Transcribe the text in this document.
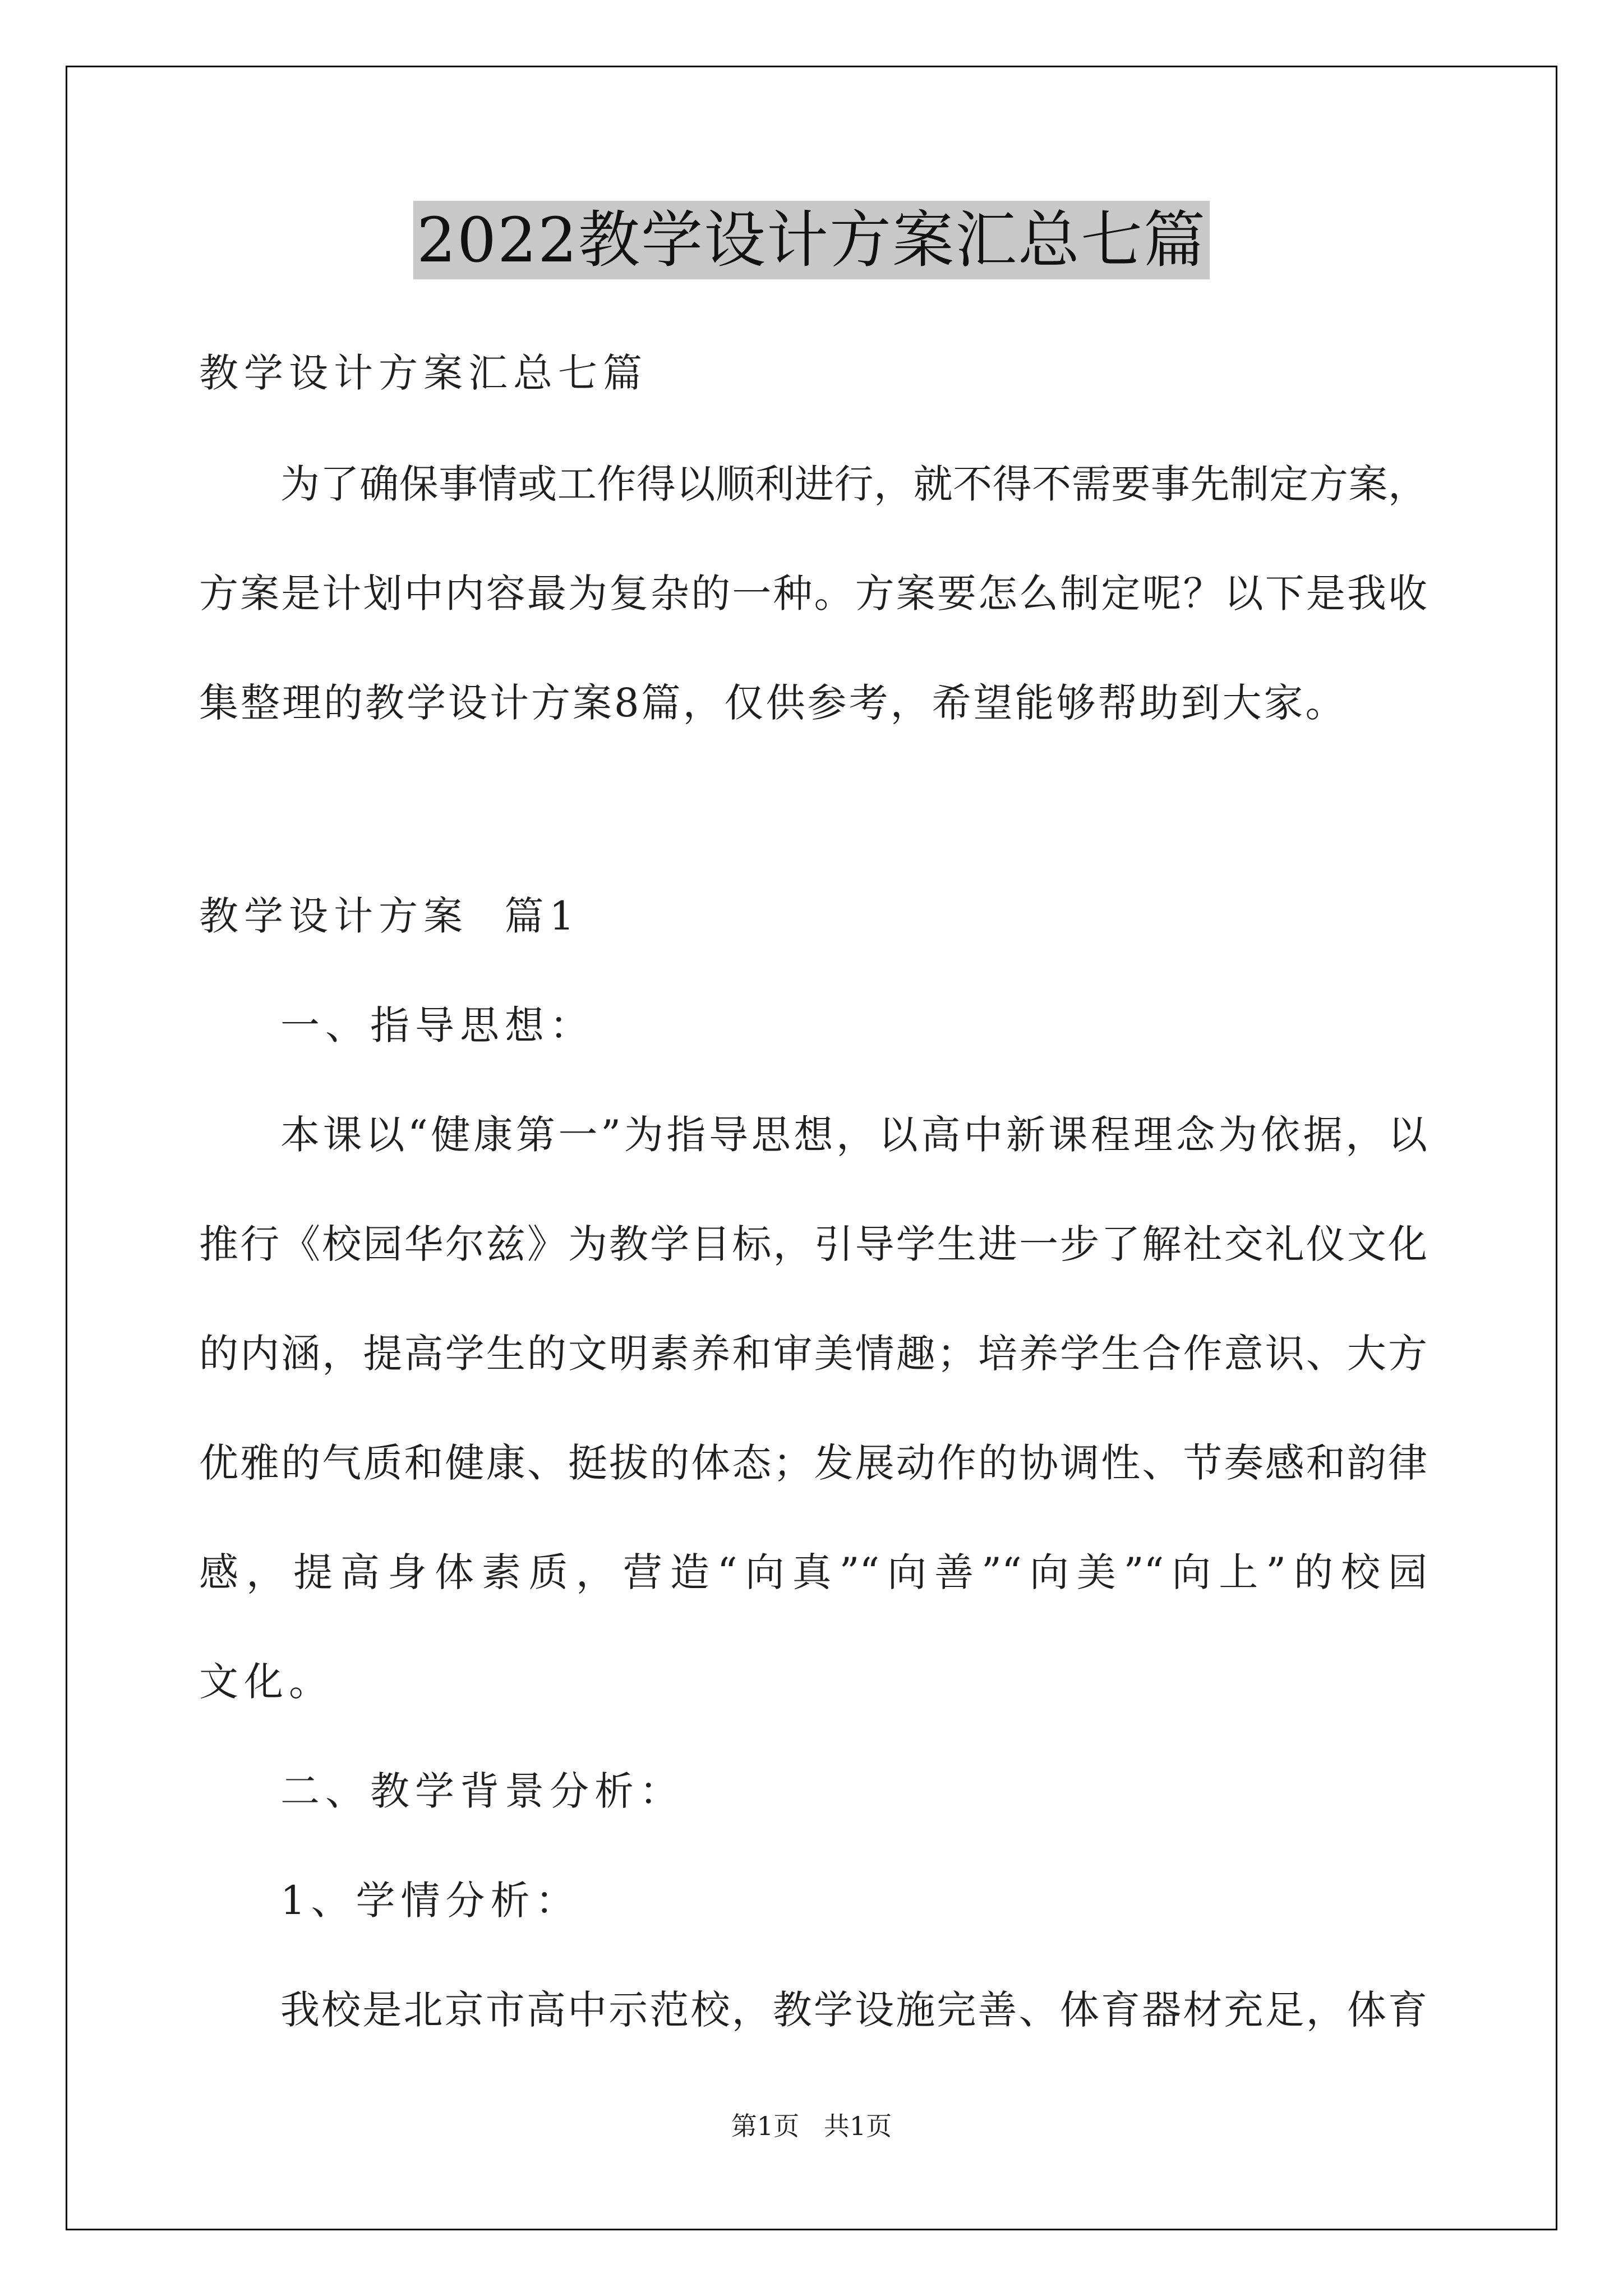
2022教学设计方案汇总七篇
教学设计方案汇总七篇
为了确保事情或工作得以顺利进行，就不得不需要事先制定方案，
方案是计划中内容最为复杂的一种。方案要怎么制定呢？以下是我收
集整理的教学设计方案8篇，仅供参考，希望能够帮助到大家。
教学设计方案  篇1
一、指导思想：
本课以“健康第一”为指导思想，以高中新课程理念为依据，以
推行《校园华尔兹》为教学目标，引导学生进一步了解社交礼仪文化
的内涵，提高学生的文明素养和审美情趣；培养学生合作意识、大方
优雅的气质和健康、挺拔的体态；发展动作的协调性、节奏感和韵律
感，提高身体素质，营造“向真”“向善”“向美”“向上”的校园
文化。
二、教学背景分析：
1、学情分析：
我校是北京市高中示范校，教学设施完善、体育器材充足，体育
第1页   共1页
